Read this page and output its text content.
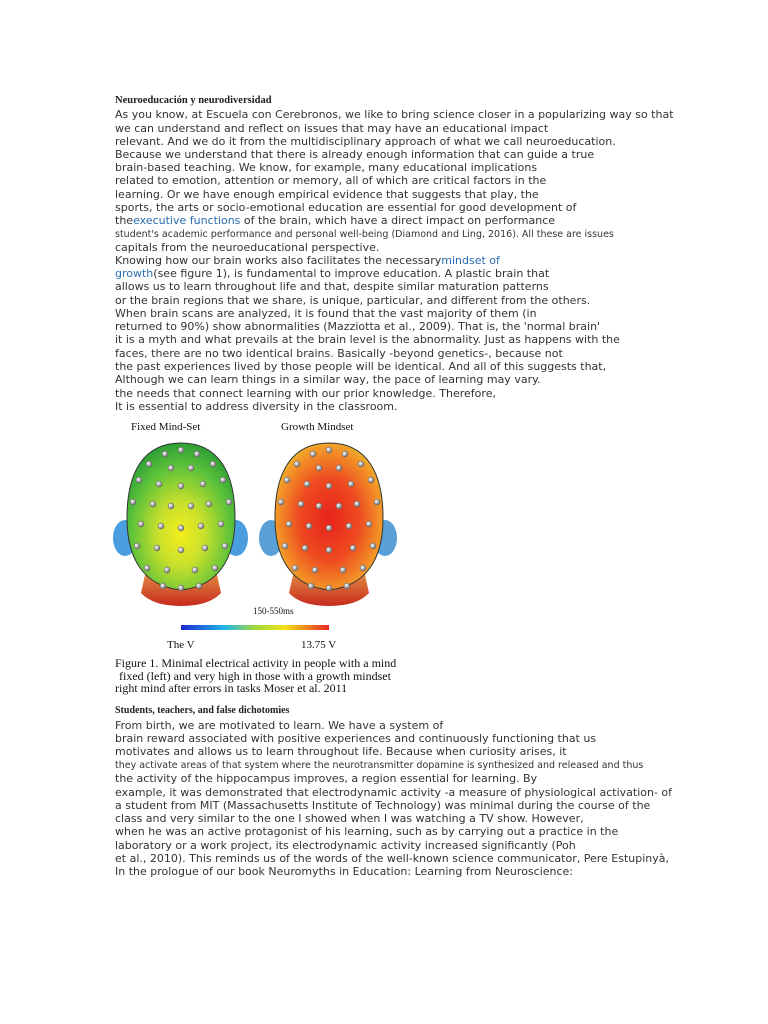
Neuroeducación y neurodiversidad
As you know, at Escuela con Cerebronos, we like to bring science closer in a popularizing way so that
we can understand and reflect on issues that may have an educational impact
relevant. And we do it from the multidisciplinary approach of what we call neuroeducation.
Because we understand that there is already enough information that can guide a true
brain-based teaching. We know, for example, many educational implications
related to emotion, attention or memory, all of which are critical factors in the
learning. Or we have enough empirical evidence that suggests that play, the
sports, the arts or socio-emotional education are essential for good development of
theexecutive functions of the brain, which have a direct impact on performance
student's academic performance and personal well-being (Diamond and Ling, 2016). All these are issues
capitals from the neuroeducational perspective.
Knowing how our brain works also facilitates the necessarymindset of
growth(see figure 1), is fundamental to improve education. A plastic brain that
allows us to learn throughout life and that, despite similar maturation patterns
or the brain regions that we share, is unique, particular, and different from the others.
When brain scans are analyzed, it is found that the vast majority of them (in
returned to 90%) show abnormalities (Mazziotta et al., 2009). That is, the 'normal brain'
it is a myth and what prevails at the brain level is the abnormality. Just as happens with the
faces, there are no two identical brains. Basically -beyond genetics-, because not
the past experiences lived by those people will be identical. And all of this suggests that,
Although we can learn things in a similar way, the pace of learning may vary.
the needs that connect learning with our prior knowledge. Therefore,
It is essential to address diversity in the classroom.
Fixed Mind-Set	Growth Mindset
150-550ms
The V	13.75 V
Figure 1. Minimal electrical activity in people with a mind
fixed (left) and very high in those with a growth mindset
right mind after errors in tasks Moser et al. 2011
Students, teachers, and false dichotomies
From birth, we are motivated to learn. We have a system of
brain reward associated with positive experiences and continuously functioning that us
motivates and allows us to learn throughout life. Because when curiosity arises, it
they activate areas of that system where the neurotransmitter dopamine is synthesized and released and thus
the activity of the hippocampus improves, a region essential for learning. By
example, it was demonstrated that electrodynamic activity -a measure of physiological activation- of
a student from MIT (Massachusetts Institute of Technology) was minimal during the course of the
class and very similar to the one I showed when I was watching a TV show. However,
when he was an active protagonist of his learning, such as by carrying out a practice in the
laboratory or a work project, its electrodynamic activity increased significantly (Poh
et al., 2010). This reminds us of the words of the well-known science communicator, Pere Estupinyà,
In the prologue of our book Neuromyths in Education: Learning from Neuroscience:
